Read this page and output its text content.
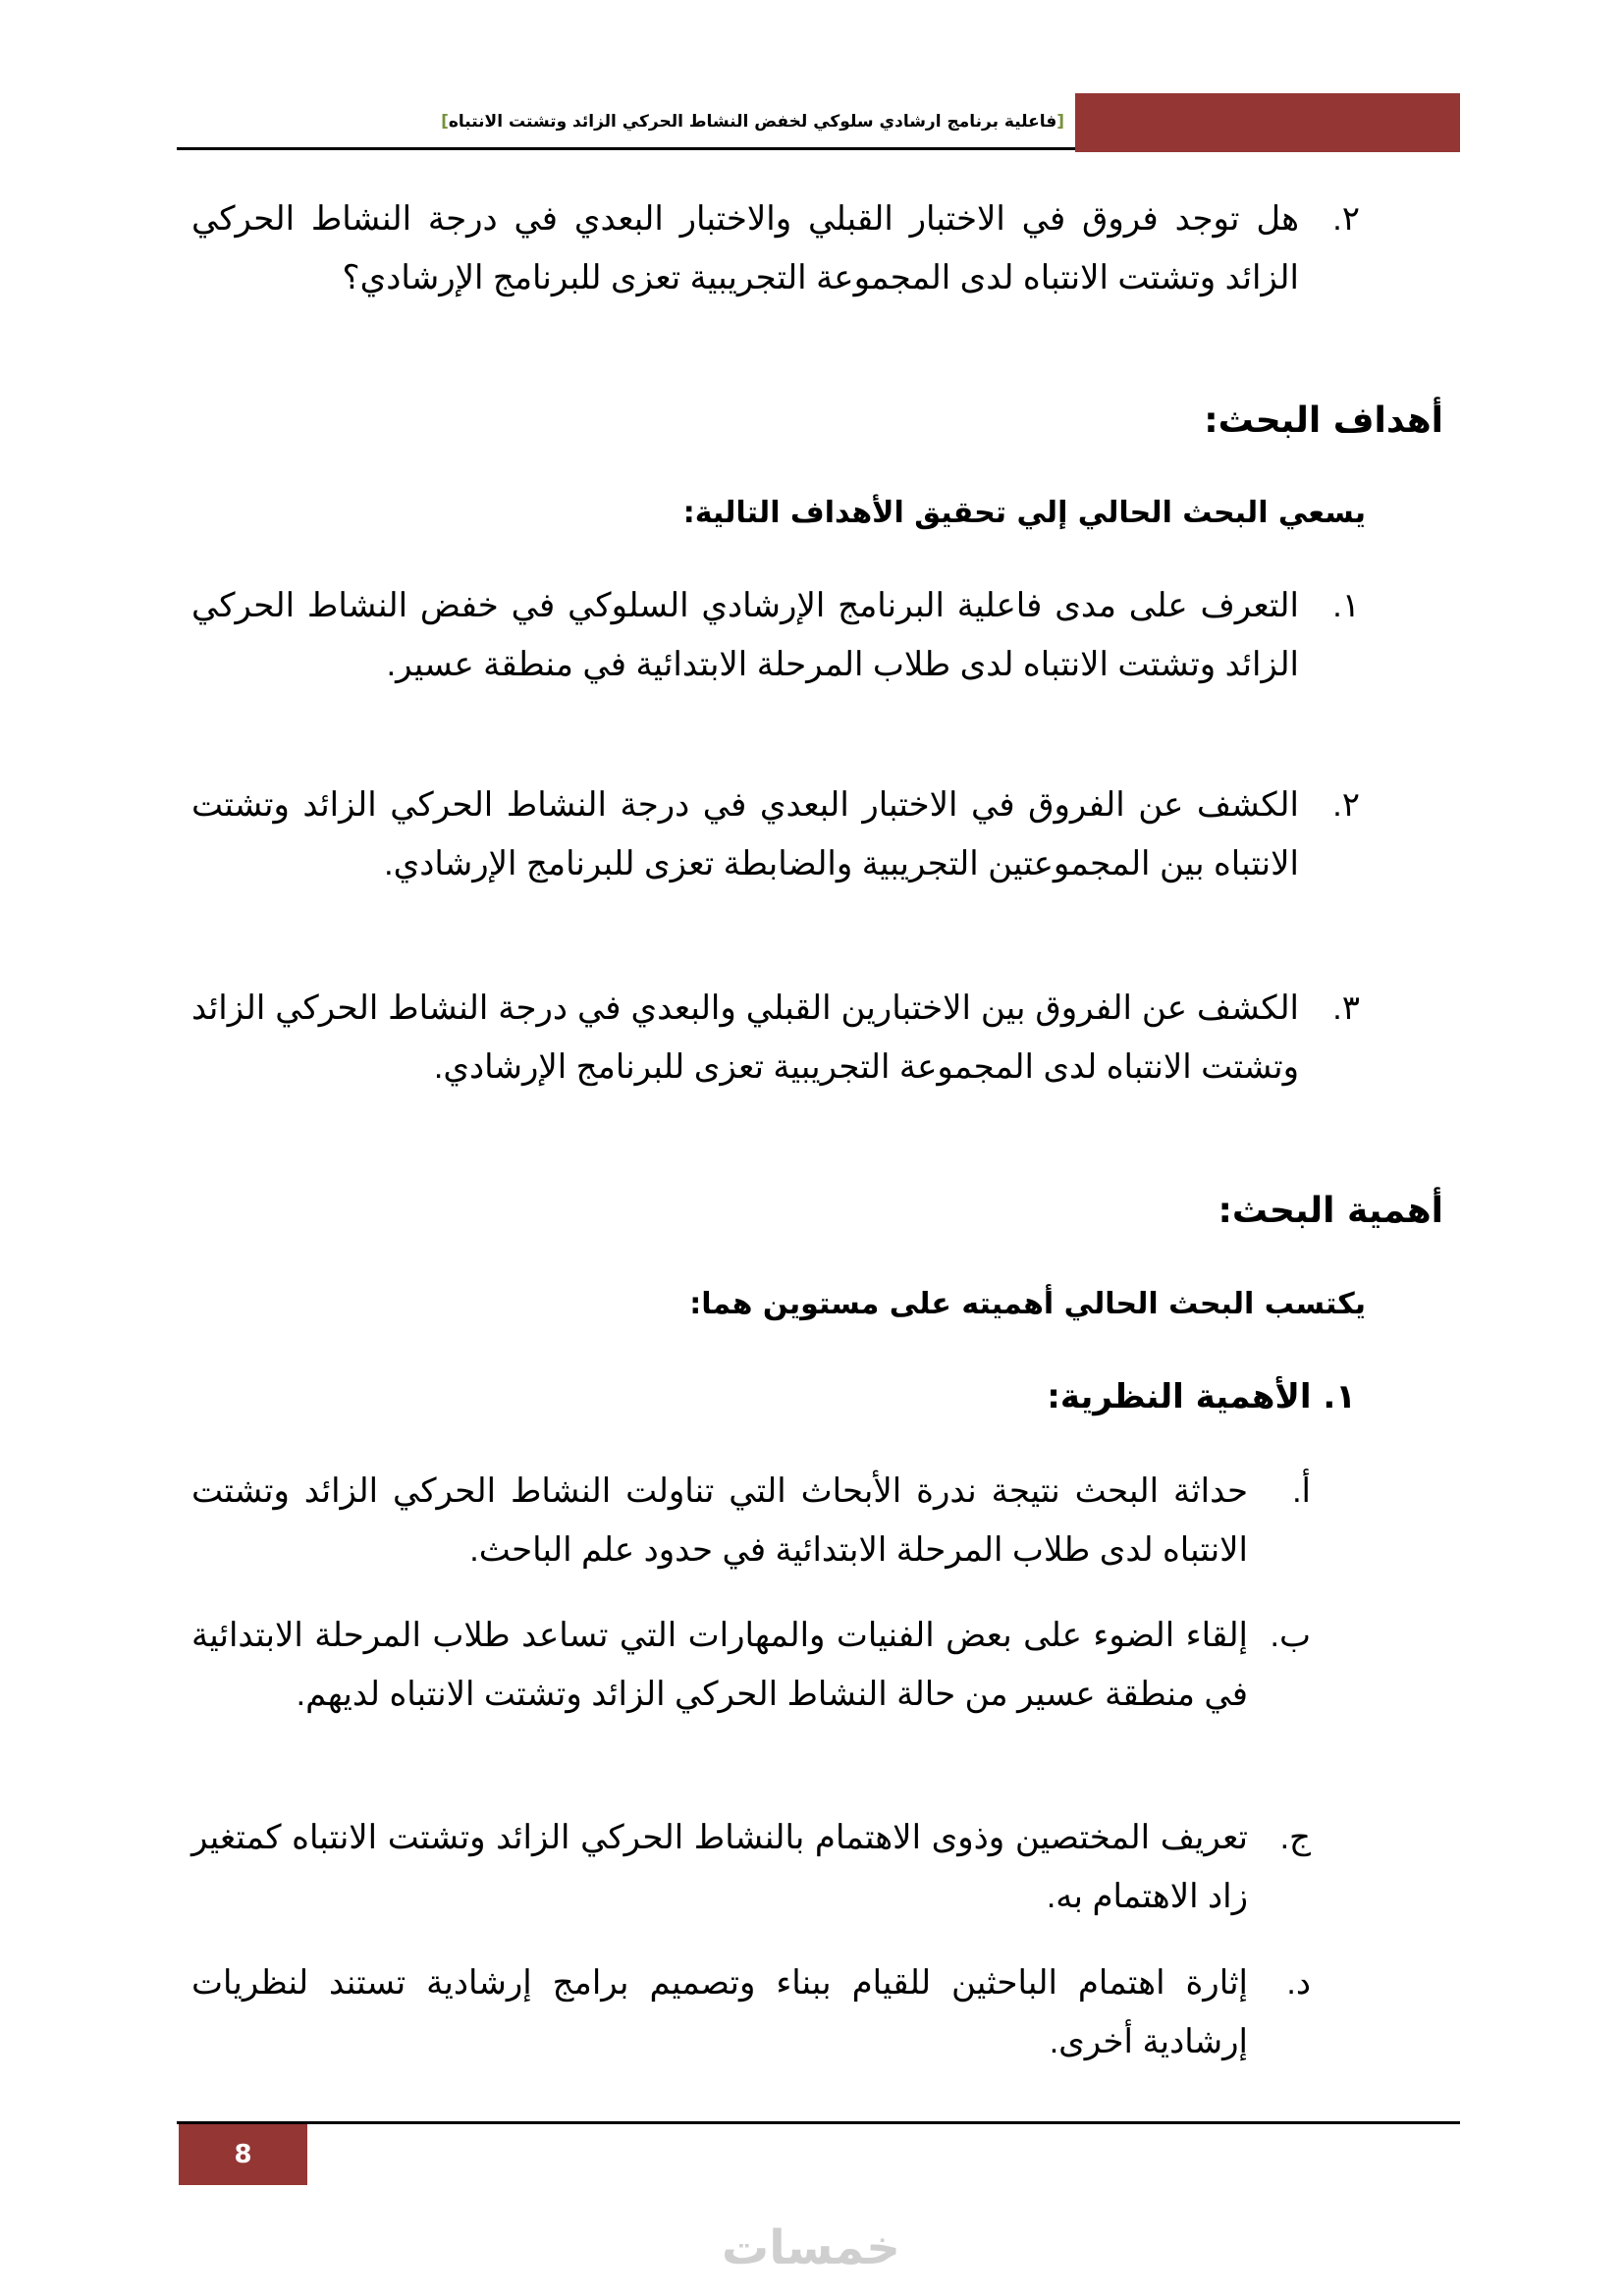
[فاعلية برنامج ارشادي سلوكي لخفض النشاط الحركي الزائد وتشتت الانتباه]
٢.
هل توجد فروق في الاختبار القبلي والاختبار البعدي في درجة النشاط الحركي الزائد وتشتت الانتباه لدى المجموعة التجريبية تعزى للبرنامج الإرشادي؟
أهداف البحث:
يسعي البحث الحالي إلي تحقيق الأهداف التالية:
١.
التعرف على مدى فاعلية البرنامج الإرشادي السلوكي في خفض النشاط الحركي الزائد وتشتت الانتباه لدى طلاب المرحلة الابتدائية في منطقة عسير.
٢.
الكشف عن الفروق في الاختبار البعدي في درجة النشاط الحركي الزائد وتشتت الانتباه بين المجموعتين التجريبية والضابطة تعزى للبرنامج الإرشادي.
٣.
الكشف عن الفروق بين الاختبارين القبلي والبعدي في درجة النشاط الحركي الزائد وتشتت الانتباه لدى المجموعة التجريبية تعزى للبرنامج الإرشادي.
أهمية البحث:
يكتسب البحث الحالي أهميته على مستوين هما:
١. الأهمية النظرية:
أ.
حداثة البحث نتيجة ندرة الأبحاث التي تناولت النشاط الحركي الزائد وتشتت الانتباه لدى طلاب المرحلة الابتدائية في حدود علم الباحث.
ب.
إلقاء الضوء على بعض الفنيات والمهارات التي تساعد طلاب المرحلة الابتدائية في منطقة عسير من حالة النشاط الحركي الزائد وتشتت الانتباه لديهم.
ج.
تعريف المختصين وذوى الاهتمام بالنشاط الحركي الزائد وتشتت الانتباه كمتغير زاد الاهتمام به.
د.
إثارة اهتمام الباحثين للقيام ببناء وتصميم برامج إرشادية تستند لنظريات إرشادية أخرى.
8
خمسات
